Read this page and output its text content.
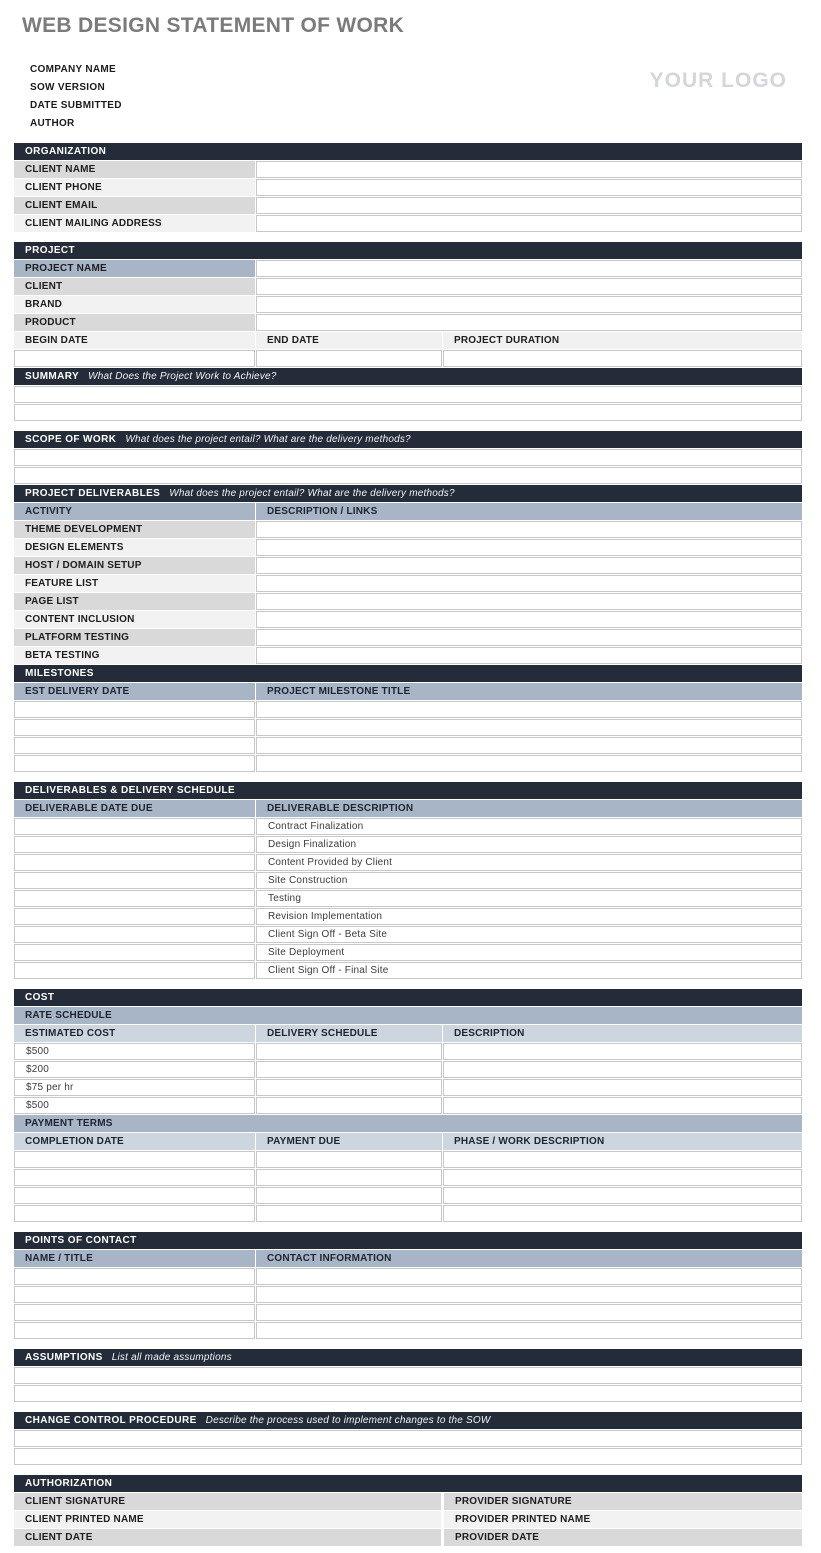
WEB DESIGN STATEMENT OF WORK
YOUR LOGO
COMPANY NAME
SOW VERSION
DATE SUBMITTED
AUTHOR
ORGANIZATION
CLIENT NAME
CLIENT PHONE
CLIENT EMAIL
CLIENT MAILING ADDRESS
PROJECT
PROJECT NAME
CLIENT
BRAND
PRODUCT
BEGIN DATE	END DATE	PROJECT DURATION
SUMMARY What Does the Project Work to Achieve?
SCOPE OF WORK What does the project entail? What are the delivery methods?
PROJECT DELIVERABLES What does the project entail? What are the delivery methods?
ACTIVITY	DESCRIPTION / LINKS
THEME DEVELOPMENT
DESIGN ELEMENTS
HOST / DOMAIN SETUP
FEATURE LIST
PAGE LIST
CONTENT INCLUSION
PLATFORM TESTING
BETA TESTING
MILESTONES
EST DELIVERY DATE	PROJECT MILESTONE TITLE
DELIVERABLES & DELIVERY SCHEDULE
DELIVERABLE DATE DUE	DELIVERABLE DESCRIPTION
Contract Finalization
Design Finalization
Content Provided by Client
Site Construction
Testing
Revision Implementation
Client Sign Off - Beta Site
Site Deployment
Client Sign Off - Final Site
COST
RATE SCHEDULE
ESTIMATED COST	DELIVERY SCHEDULE	DESCRIPTION
$500
$200
$75 per hr
$500
PAYMENT TERMS
COMPLETION DATE	PAYMENT DUE	PHASE / WORK DESCRIPTION
POINTS OF CONTACT
NAME / TITLE	CONTACT INFORMATION
ASSUMPTIONS List all made assumptions
CHANGE CONTROL PROCEDURE Describe the process used to implement changes to the SOW
AUTHORIZATION
CLIENT SIGNATURE	PROVIDER SIGNATURE
CLIENT PRINTED NAME	PROVIDER PRINTED NAME
CLIENT DATE	PROVIDER DATE
